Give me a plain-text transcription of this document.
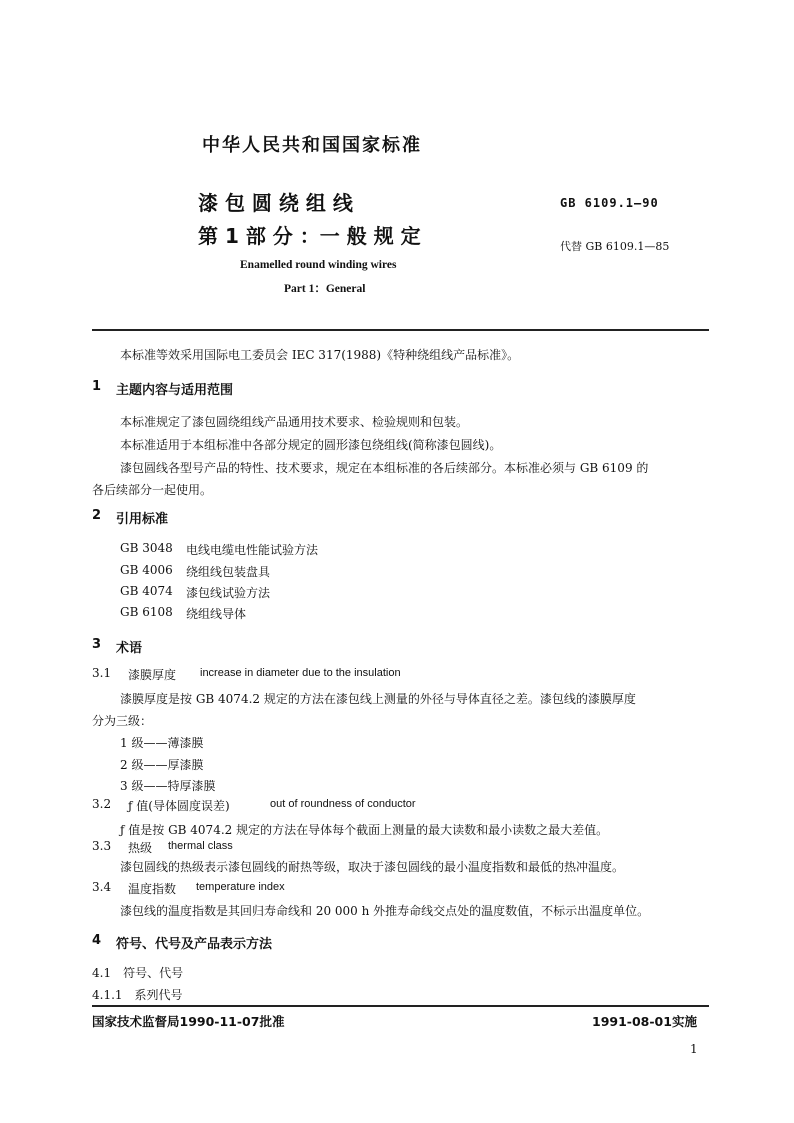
中华人民共和国国家标准
漆 包 圆 绕 组 线
第 1 部 分 ：一 般 规 定
GB 6109.1—90
代替 GB 6109.1—85
Enamelled round winding wires
Part 1：General
本标准等效采用国际电工委员会 IEC 317(1988)《特种绕组线产品标准》。
1 主题内容与适用范围
本标准规定了漆包圆绕组线产品通用技术要求、检验规则和包装。
本标准适用于本组标准中各部分规定的圆形漆包绕组线(简称漆包圆线)。
漆包圆线各型号产品的特性、技术要求，规定在本组标准的各后续部分。本标准必须与 GB 6109 的
各后续部分一起使用。
2 引用标准
GB 3048 电线电缆电性能试验方法
GB 4006 绕组线包装盘具
GB 4074 漆包线试验方法
GB 6108 绕组线导体
3 术语
3.1 漆膜厚度 increase in diameter due to the insulation
漆膜厚度是按 GB 4074.2 规定的方法在漆包线上测量的外径与导体直径之差。漆包线的漆膜厚度
分为三级：
1 级——薄漆膜
2 级——厚漆膜
3 级——特厚漆膜
3.2 ƒ 值(导体圆度误差)	out of roundness of conductor
ƒ 值是按 GB 4074.2 规定的方法在导体每个截面上测量的最大读数和最小读数之最大差值。
3.3 热级 thermal class
漆包圆线的热级表示漆包圆线的耐热等级，取决于漆包圆线的最小温度指数和最低的热冲温度。
3.4 温度指数 temperature index
漆包线的温度指数是其回归寿命线和 20 000 h 外推寿命线交点处的温度数值，不标示出温度单位。
4 符号、代号及产品表示方法
4.1　符号、代号
4.1.1　系列代号
国家技术监督局1990-11-07批准	1991-08-01实施
1
